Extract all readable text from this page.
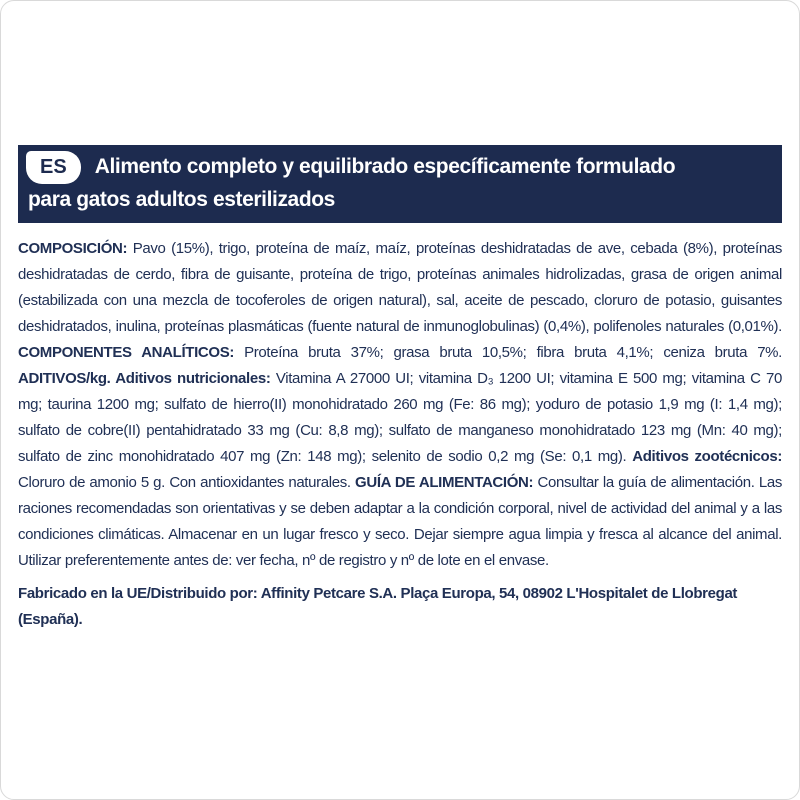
ES	Alimento completo y equilibrado específicamente formulado
para gatos adultos esterilizados

COMPOSICIÓN: Pavo (15%), trigo, proteína de maíz, maíz, proteínas deshidratadas de ave, cebada (8%), proteínas deshidratadas de cerdo, fibra de guisante, proteína de trigo, proteínas animales hidrolizadas, grasa de origen animal (estabilizada con una mezcla de tocoferoles de origen natural), sal, aceite de pescado, cloruro de potasio, guisantes deshidratados, inulina, proteínas plasmáticas (fuente natural de inmunoglobulinas) (0,4%), polifenoles naturales (0,01%). COMPONENTES ANALÍTICOS: Proteína bruta 37%; grasa bruta 10,5%; fibra bruta 4,1%; ceniza bruta 7%. ADITIVOS/kg. Aditivos nutricionales: Vitamina A 27000 UI; vitamina D₃ 1200 UI; vitamina E 500 mg; vitamina C 70 mg; taurina 1200 mg; sulfato de hierro(II) monohidratado 260 mg (Fe: 86 mg); yoduro de potasio 1,9 mg (I: 1,4 mg); sulfato de cobre(II) pentahidratado 33 mg (Cu: 8,8 mg); sulfato de manganeso monohidratado 123 mg (Mn: 40 mg); sulfato de zinc monohidratado 407 mg (Zn: 148 mg); selenito de sodio 0,2 mg (Se: 0,1 mg). Aditivos zootécnicos: Cloruro de amonio 5 g. Con antioxidantes naturales. GUÍA DE ALIMENTACIÓN: Consultar la guía de alimentación. Las raciones recomendadas son orientativas y se deben adaptar a la condición corporal, nivel de actividad del animal y a las condiciones climáticas. Almacenar en un lugar fresco y seco. Dejar siempre agua limpia y fresca al alcance del animal. Utilizar preferentemente antes de: ver fecha, nº de registro y nº de lote en el envase.

Fabricado en la UE/Distribuido por: Affinity Petcare S.A. Plaça Europa, 54, 08902 L'Hospitalet de Llobregat (España).
